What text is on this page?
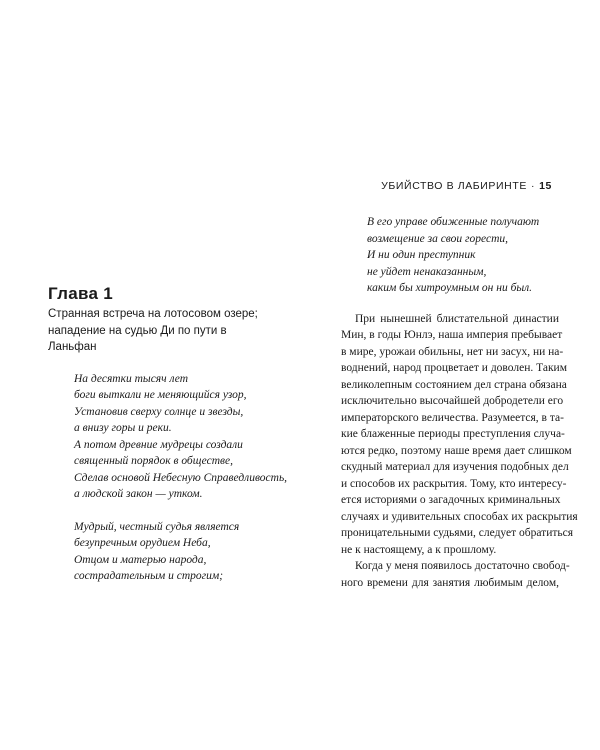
УБИЙСТВО В ЛАБИРИНТЕ · 15
Глава 1
Странная встреча на лотосовом озере; нападение на судью Ди по пути в Ланьфан
На десятки тысяч лет
боги выткали не меняющийся узор,
Установив сверху солнце и звезды,
а внизу горы и реки.
А потом древние мудрецы создали
священный порядок в обществе,
Сделав основой Небесную Справедливость,
а людской закон — утком.
Мудрый, честный судья является
безупречным орудием Неба,
Отцом и матерью народа,
сострадательным и строгим;
В его управе обиженные получают
возмещение за свои горести,
И ни один преступник
не уйдет ненаказанным,
каким бы хитроумным он ни был.
При нынешней блистательной династии
Мин, в годы Юнлэ, наша империя пребывает
в мире, урожаи обильны, нет ни засух, ни на-
воднений, народ процветает и доволен. Таким
великолепным состоянием дел страна обязана
исключительно высочайшей добродетели его
императорского величества. Разумеется, в та-
кие блаженные периоды преступления случа-
ются редко, поэтому наше время дает слишком
скудный материал для изучения подобных дел
и способов их раскрытия. Тому, кто интересу-
ется историями о загадочных криминальных
случаях и удивительных способах их раскрытия
проницательными судьями, следует обратиться
не к настоящему, а к прошлому.
Когда у меня появилось достаточно свобод-
ного времени для занятия любимым делом,
